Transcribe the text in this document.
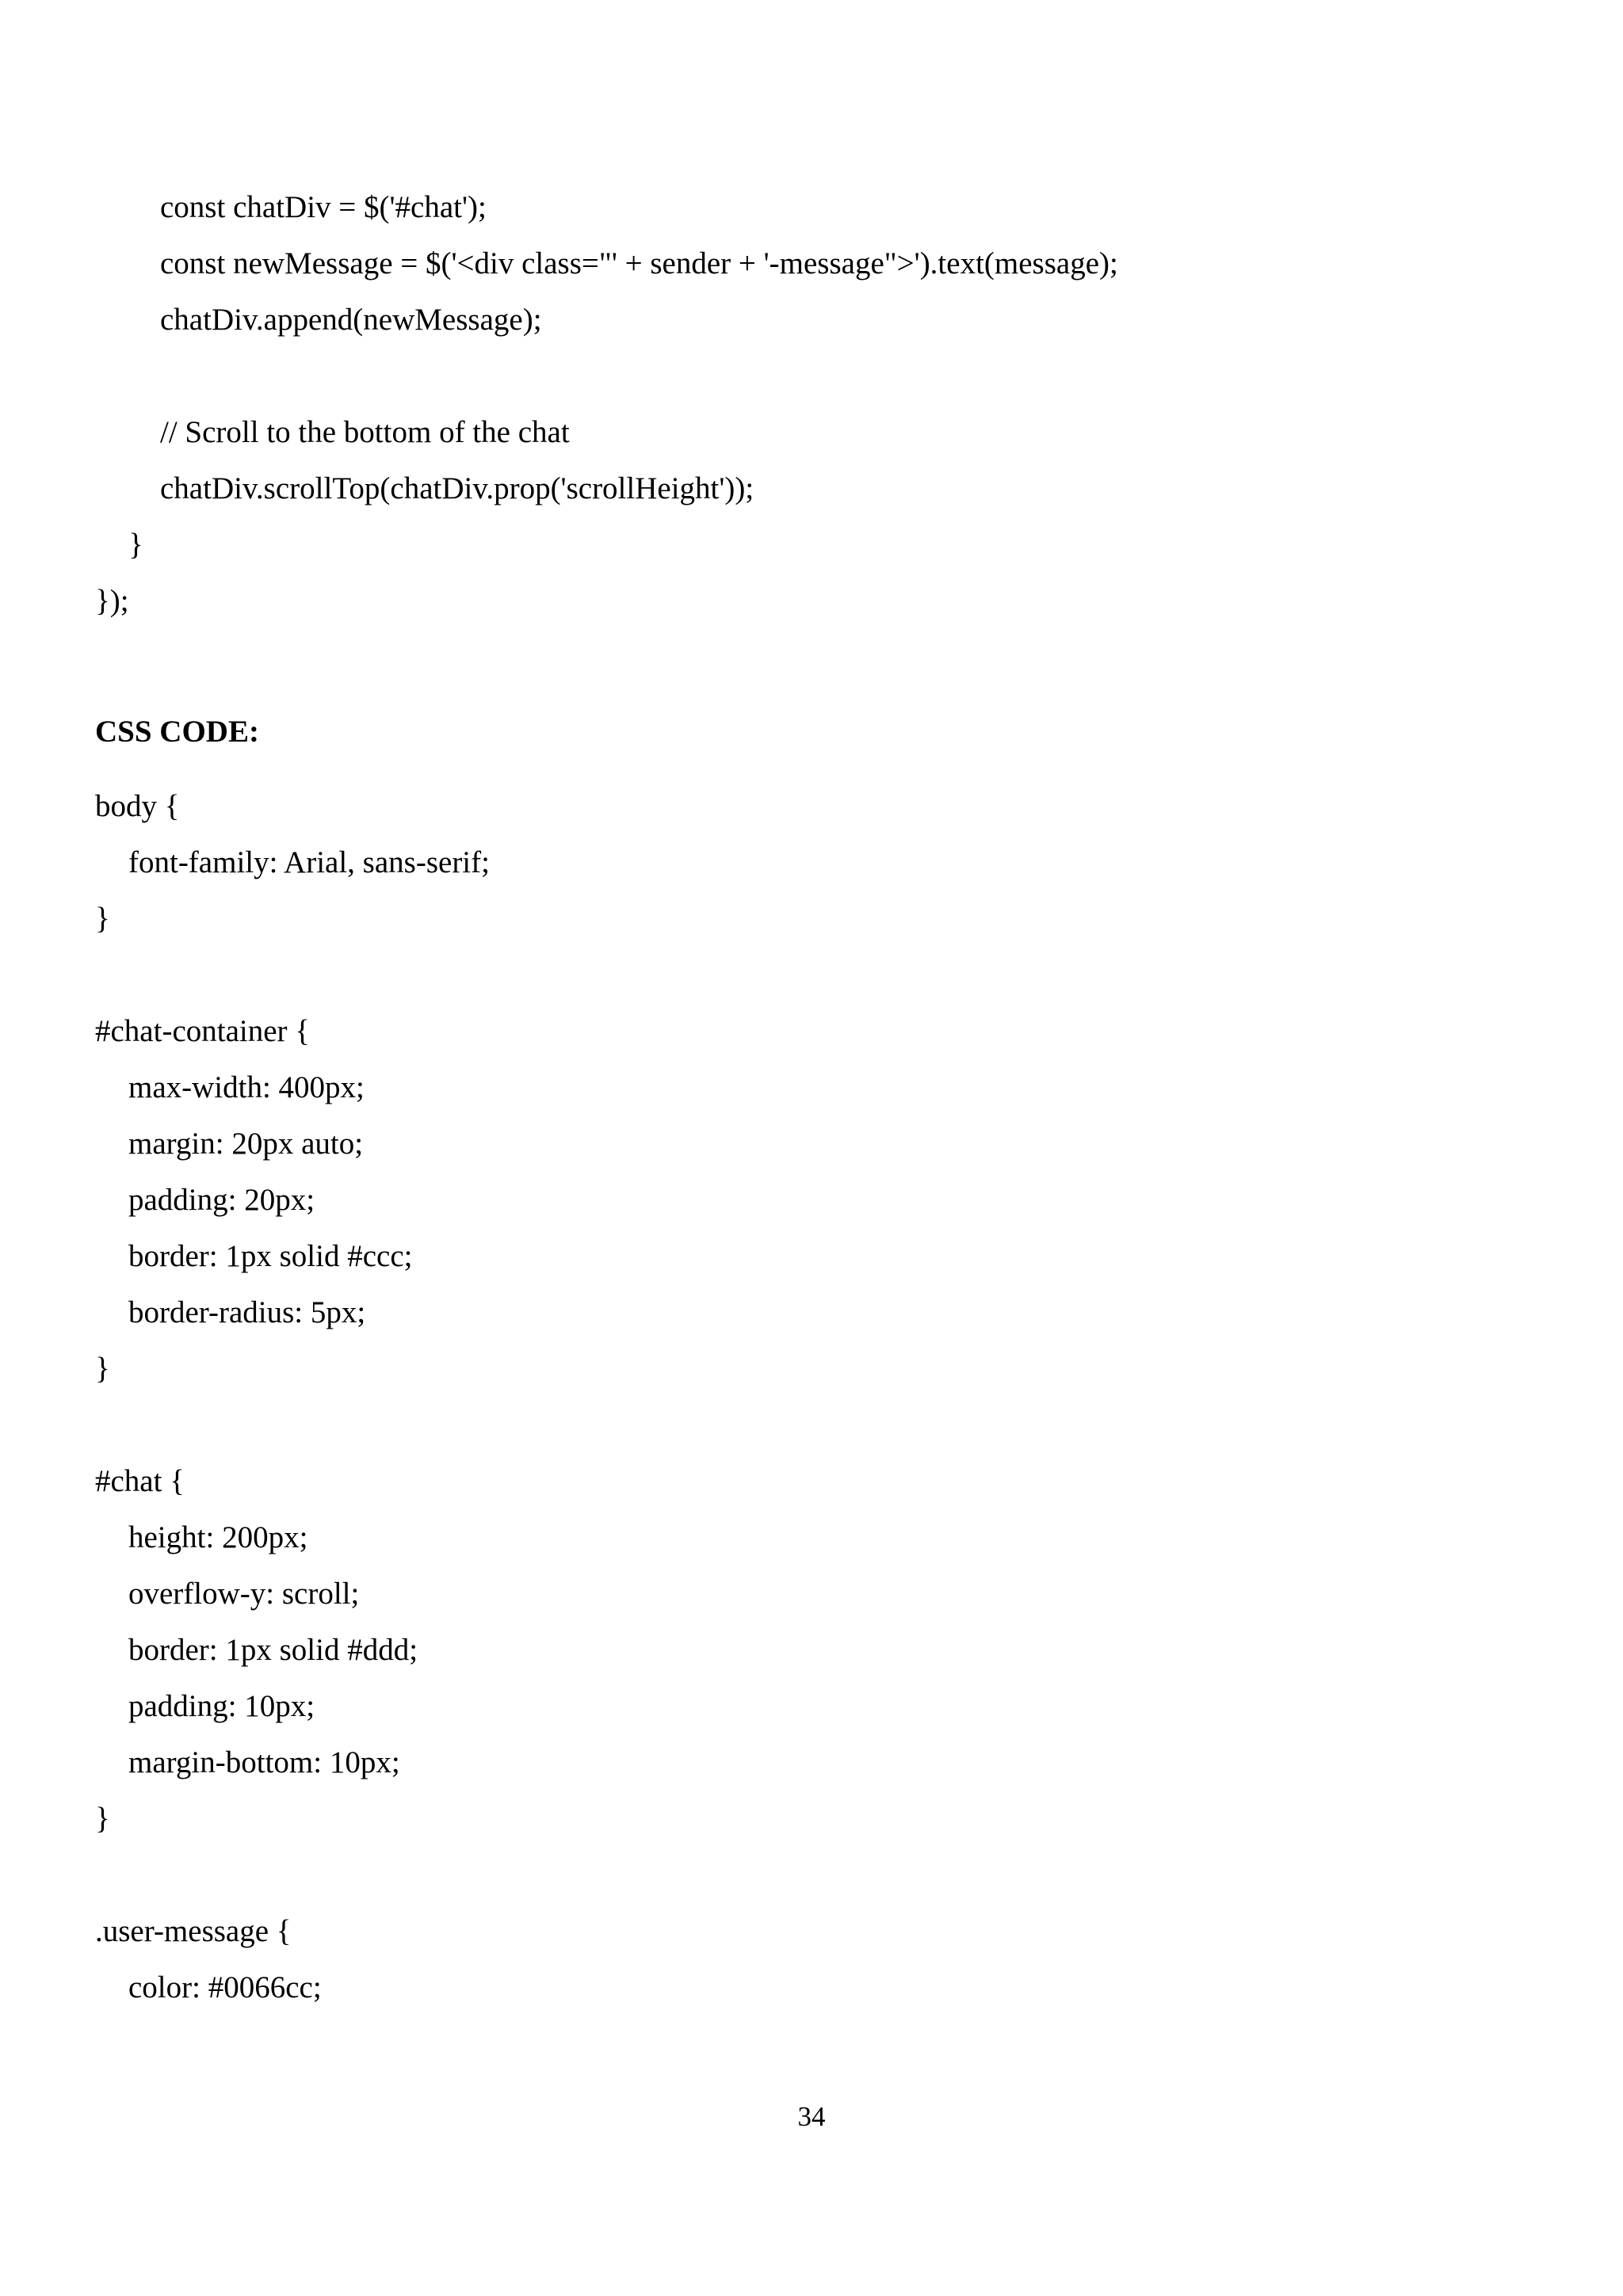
const chatDiv = $('#chat');
const newMessage = $('<div class="' + sender + '-message">').text(message);
chatDiv.append(newMessage);
// Scroll to the bottom of the chat
chatDiv.scrollTop(chatDiv.prop('scrollHeight'));
}
});
CSS CODE:
body {
font-family: Arial, sans-serif;
}
#chat-container {
max-width: 400px;
margin: 20px auto;
padding: 20px;
border: 1px solid #ccc;
border-radius: 5px;
}
#chat {
height: 200px;
overflow-y: scroll;
border: 1px solid #ddd;
padding: 10px;
margin-bottom: 10px;
}
.user-message {
color: #0066cc;
34
